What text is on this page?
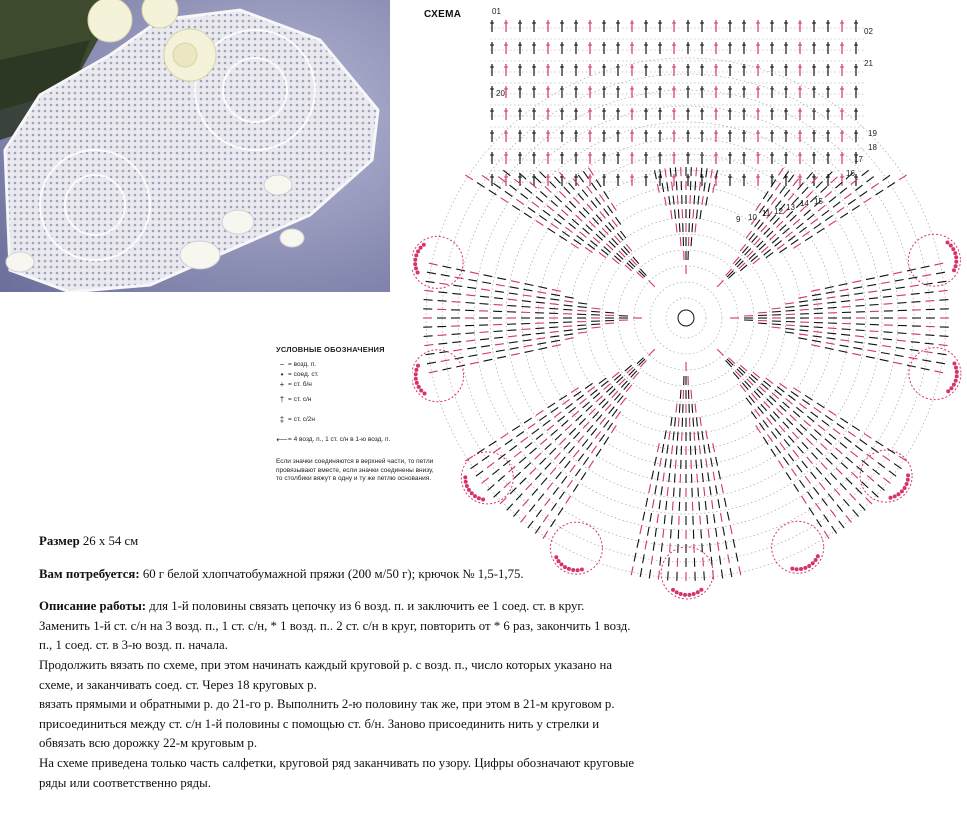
СХЕМА	01
20
02
21
19
18
17
16
15
14
13
12
11
10
9
УСЛОВНЫЕ ОБОЗНАЧЕНИЯ
− = возд. п.
• = соед. ст.
+ = ст. б/н
† = ст. с/н
‡ = ст. с/2н
⟵ = 4 возд. п., 1 ст. с/н в 1-ю возд. п.
Если значки соединяются в верхней части, то петли провязывают вместе, если значки соединены внизу, то столбики вяжут в одну и ту же петлю основания.

Размер 26 х 54 см

Вам потребуется: 60 г белой хлопчатобумажной пряжи (200 м/50 г); крючок № 1,5-1,75.

Описание работы: для 1-й половины связать цепочку из 6 возд. п. и заключить ее 1 соед. ст. в круг.

Заменить 1-й ст. с/н на 3 возд. п., 1 ст. с/н, * 1 возд. п.. 2 ст. с/н в круг, повторить от * 6 раз, закончить 1 возд.

п., 1 соед. ст. в 3-ю возд. п. начала.

Продолжить вязать по схеме, при этом начинать каждый круговой р. с возд. п., число которых указано на

схеме, и заканчивать соед. ст. Через 18 круговых р.

вязать прямыми и обратными р. до 21-го р. Выполнить 2-ю половину так же, при этом в 21-м круговом р.

присоединиться между ст. с/н 1-й половины с помощью ст. б/н. Заново присоединить нить у стрелки и

обвязать всю дорожку 22-м круговым р.

На схеме приведена только часть салфетки, круговой ряд заканчивать по узору. Цифры обозначают круговые

ряды или соответственно ряды.
